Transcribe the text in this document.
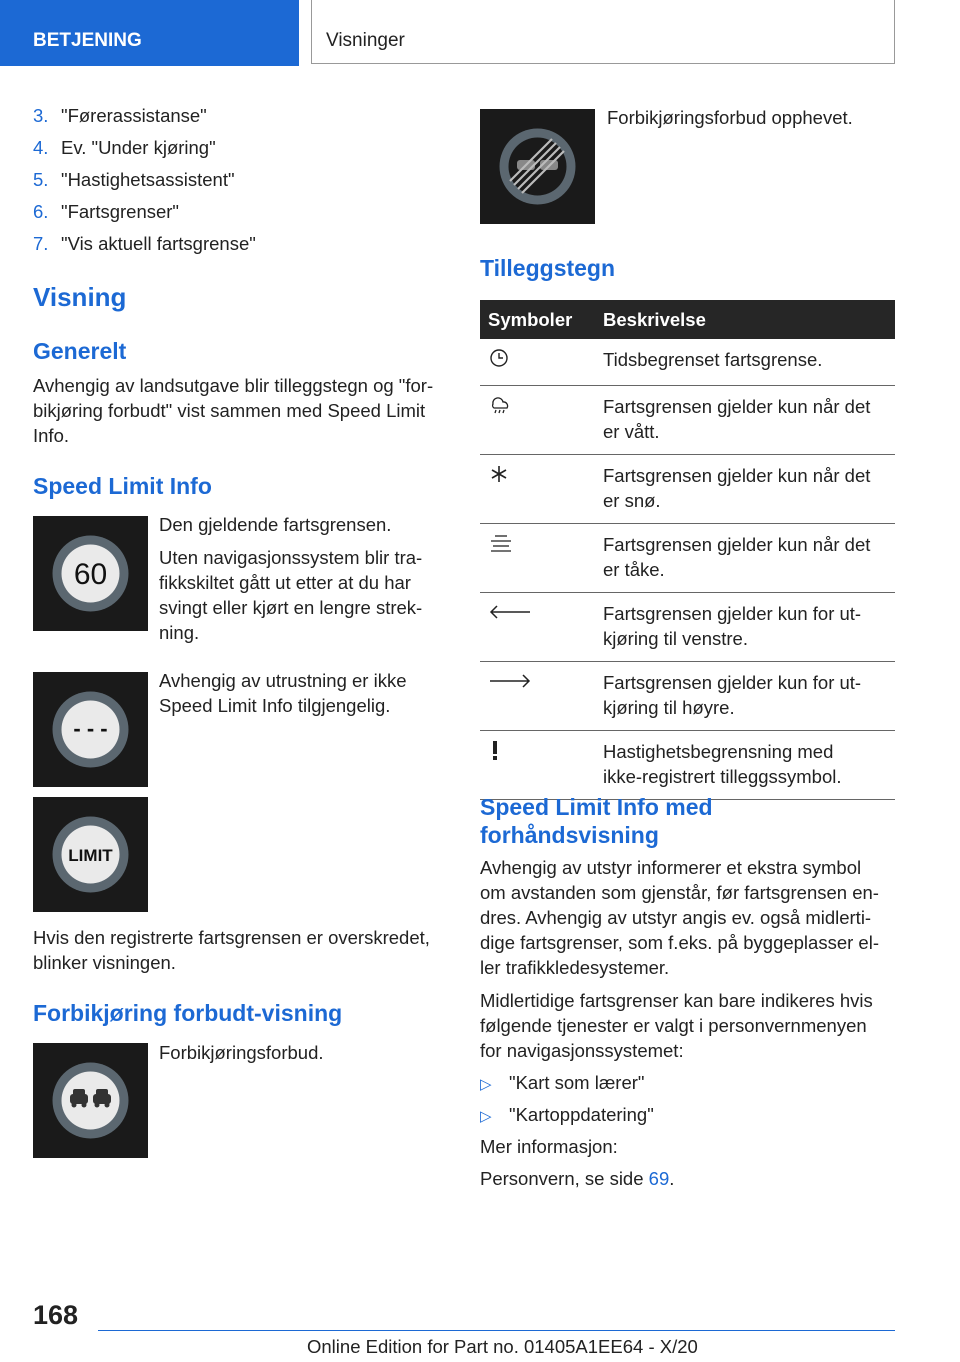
BETJENING	Visninger
3. "Førerassistanse"
4. Ev. "Under kjøring"
5. "Hastighetsassistent"
6. "Fartsgrenser"
7. "Vis aktuell fartsgrense"
Visning
Generelt

Avhengig av landsutgave blir tilleggstegn og "for-
bikjøring forbudt" vist sammen med Speed Limit
Info.

Speed Limit Info
60

Den gjeldende fartsgrensen.

Uten navigasjonssystem blir tra-
fikkskiltet gått ut etter at du har
svingt eller kjørt en lengre strek-
ning.

- - -

Avhengig av utrustning er ikke
Speed Limit Info tilgjengelig.

LIMIT

Hvis den registrerte fartsgrensen er overskredet,
blinker visningen.

Forbikjøring forbudt-visning

Forbikjøringsforbud.

Forbikjøringsforbud opphevet.

Tilleggstegn
Symboler	Beskrivelse
	Tidsbegrenset fartsgrense.
	Fartsgrensen gjelder kun når det
er vått.
	Fartsgrensen gjelder kun når det
er snø.
	Fartsgrensen gjelder kun når det
er tåke.
	Fartsgrensen gjelder kun for ut-
kjøring til venstre.
	Fartsgrensen gjelder kun for ut-
kjøring til høyre.
	Hastighetsbegrensning med
ikke-registrert tilleggssymbol.
Speed Limit Info med
forhåndsvisning

Avhengig av utstyr informerer et ekstra symbol
om avstanden som gjenstår, før fartsgrensen en-
dres. Avhengig av utstyr angis ev. også midlerti-
dige fartsgrenser, som f.eks. på byggeplasser el-
ler trafikkledesystemer.

Midlertidige fartsgrenser kan bare indikeres hvis
følgende tjenester er valgt i personvernmenyen
for navigasjonssystemet:

▷ "Kart som lærer"

▷ "Kartoppdatering"

Mer informasjon:

Personvern, se side 69.

168
Online Edition for Part no. 01405A1EE64 - X/20
